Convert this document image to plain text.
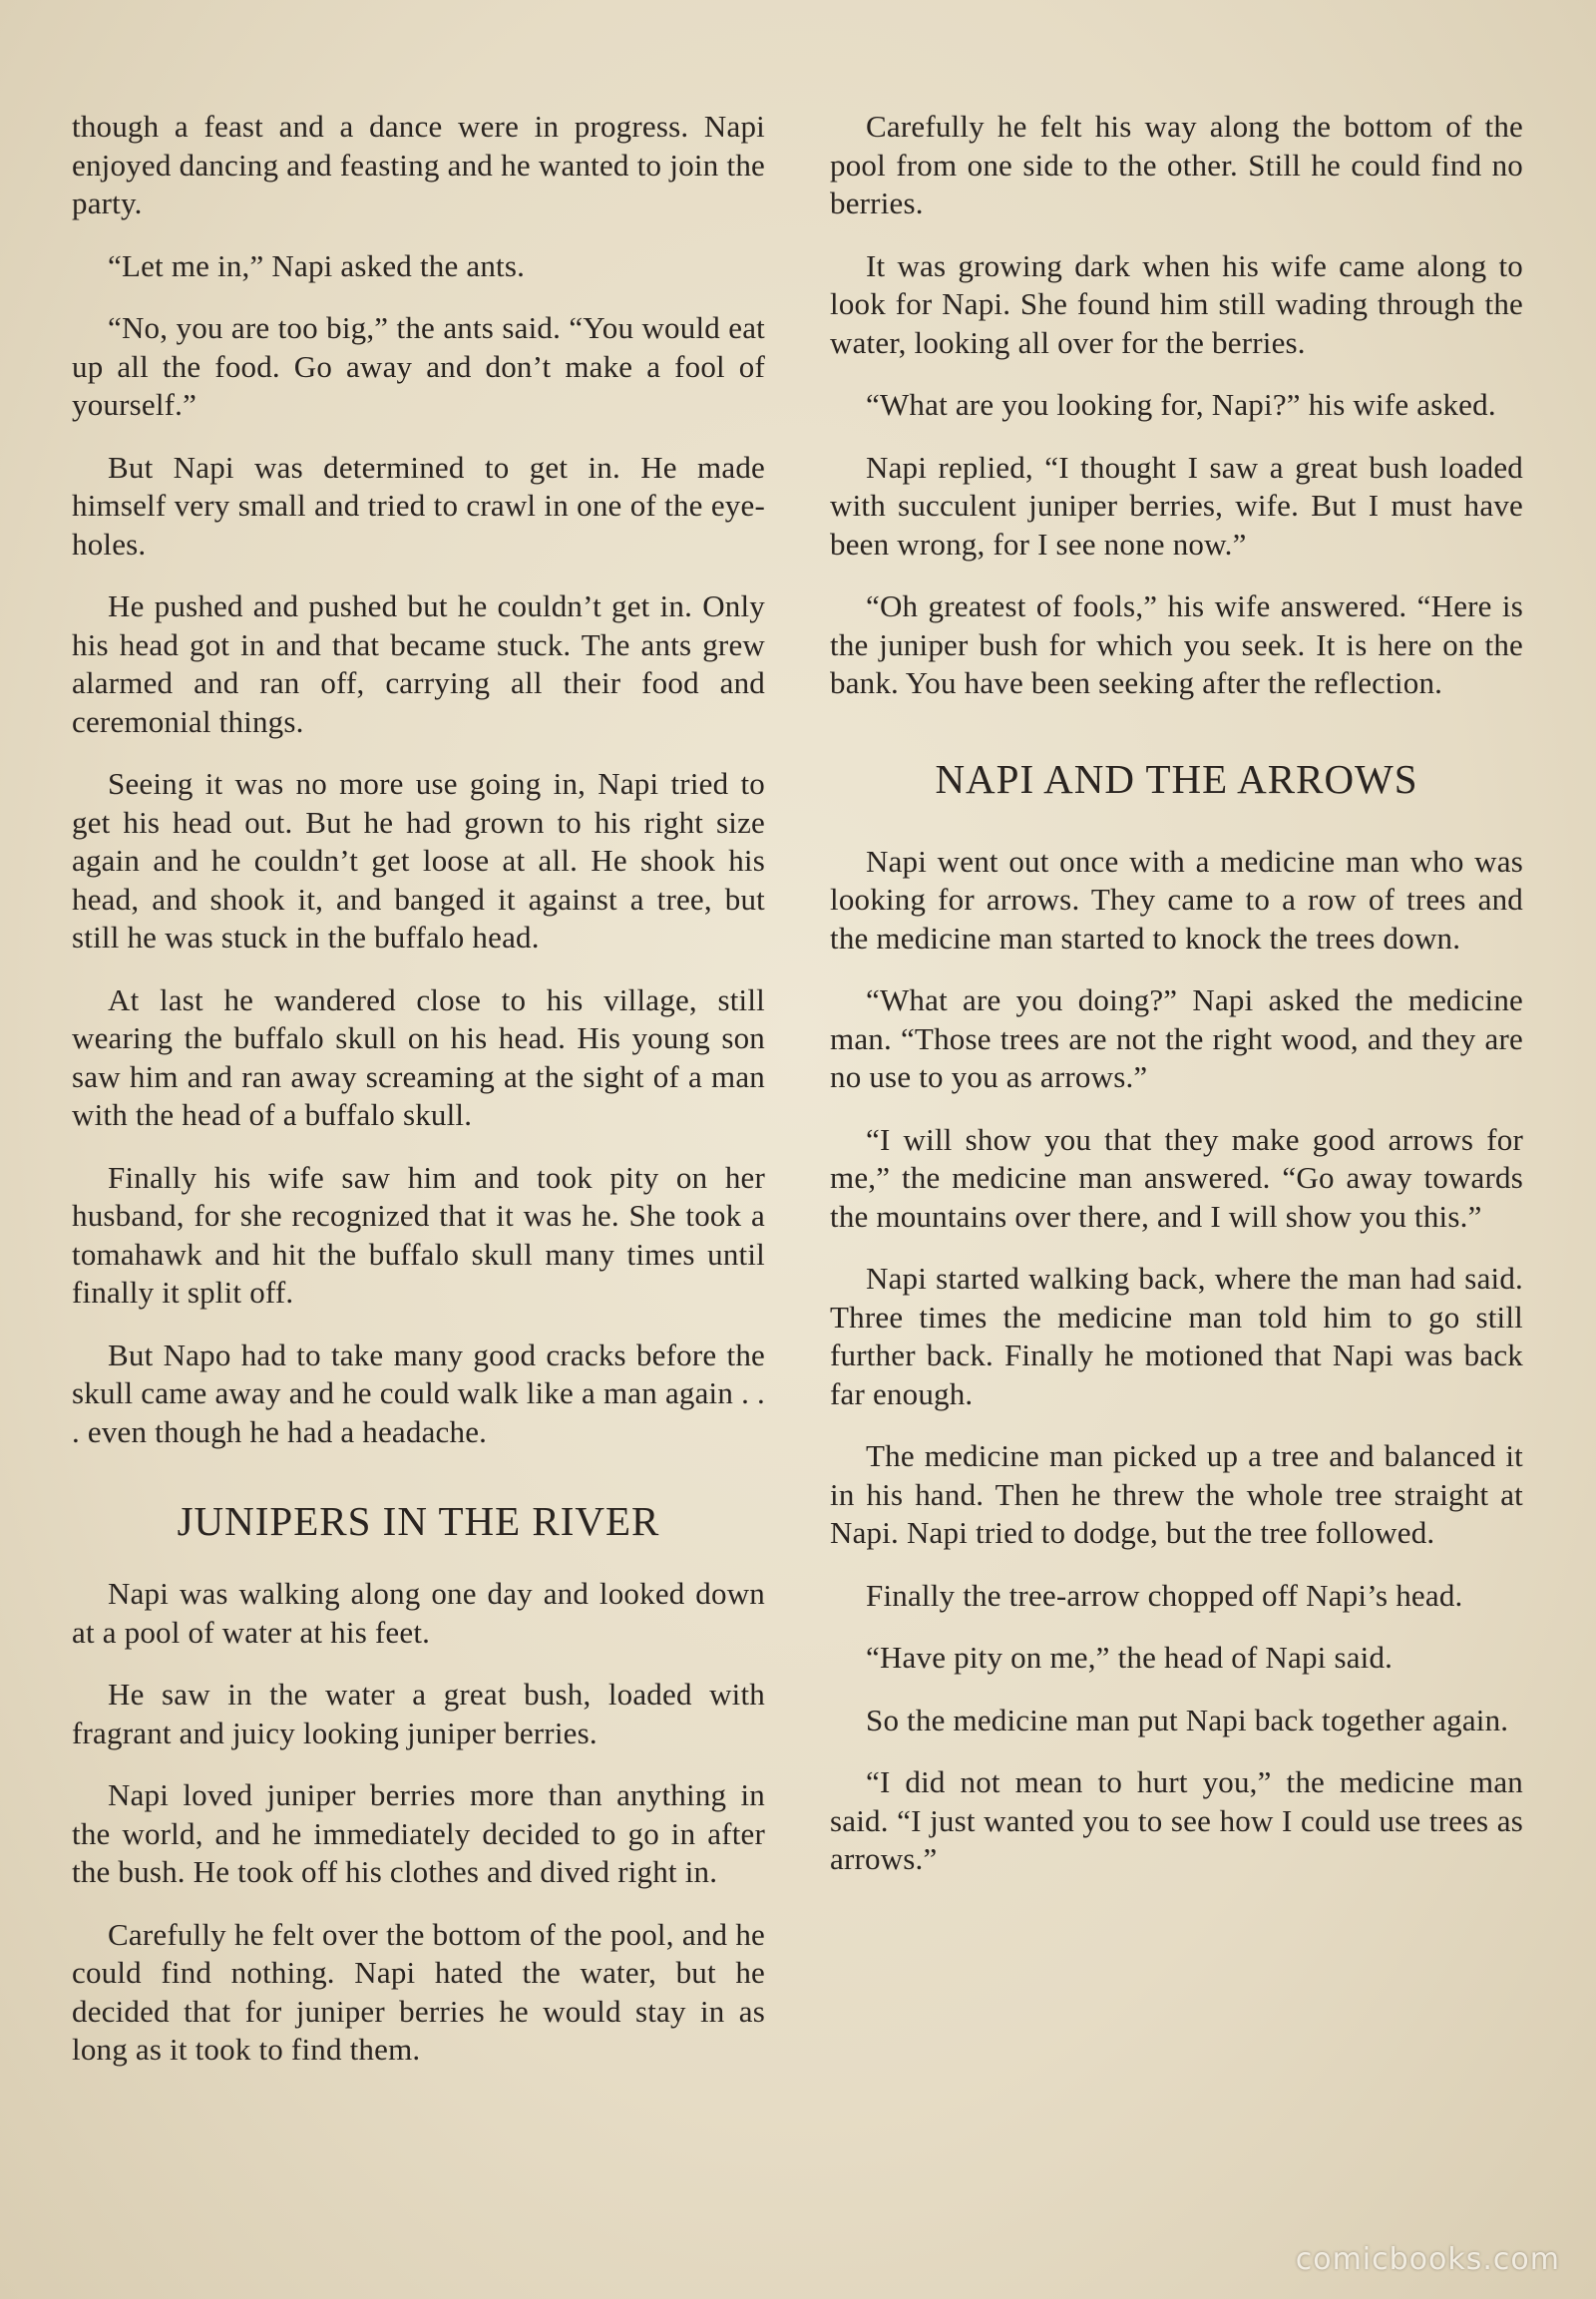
though a feast and a dance were in progress. Napi enjoyed dancing and feasting and he wanted to join the party.

“Let me in,” Napi asked the ants.

“No, you are too big,” the ants said. “You would eat up all the food. Go away and don’t make a fool of yourself.”

But Napi was determined to get in. He made himself very small and tried to crawl in one of the eye-holes.

He pushed and pushed but he couldn’t get in. Only his head got in and that became stuck. The ants grew alarmed and ran off, carrying all their food and ceremonial things.

Seeing it was no more use going in, Napi tried to get his head out. But he had grown to his right size again and he couldn’t get loose at all. He shook his head, and shook it, and banged it against a tree, but still he was stuck in the buffalo head.

At last he wandered close to his village, still wearing the buffalo skull on his head. His young son saw him and ran away screaming at the sight of a man with the head of a buffalo skull.

Finally his wife saw him and took pity on her husband, for she recognized that it was he. She took a tomahawk and hit the buffalo skull many times until finally it split off.

But Napo had to take many good cracks before the skull came away and he could walk like a man again . . . even though he had a headache.

JUNIPERS IN THE RIVER

Napi was walking along one day and looked down at a pool of water at his feet.

He saw in the water a great bush, loaded with fragrant and juicy looking juniper berries.

Napi loved juniper berries more than anything in the world, and he immediately decided to go in after the bush. He took off his clothes and dived right in.

Carefully he felt over the bottom of the pool, and he could find nothing. Napi hated the water, but he decided that for juniper berries he would stay in as long as it took to find them.

Carefully he felt his way along the bottom of the pool from one side to the other. Still he could find no berries.

It was growing dark when his wife came along to look for Napi. She found him still wading through the water, looking all over for the berries.

“What are you looking for, Napi?” his wife asked.

Napi replied, “I thought I saw a great bush loaded with succulent juniper berries, wife. But I must have been wrong, for I see none now.”

“Oh greatest of fools,” his wife answered. “Here is the juniper bush for which you seek. It is here on the bank. You have been seeking after the reflection.

NAPI AND THE ARROWS

Napi went out once with a medicine man who was looking for arrows. They came to a row of trees and the medicine man started to knock the trees down.

“What are you doing?” Napi asked the medicine man. “Those trees are not the right wood, and they are no use to you as arrows.”

“I will show you that they make good arrows for me,” the medicine man answered. “Go away towards the mountains over there, and I will show you this.”

Napi started walking back, where the man had said. Three times the medicine man told him to go still further back. Finally he motioned that Napi was back far enough.

The medicine man picked up a tree and balanced it in his hand. Then he threw the whole tree straight at Napi. Napi tried to dodge, but the tree followed.

Finally the tree-arrow chopped off Napi’s head.

“Have pity on me,” the head of Napi said.

So the medicine man put Napi back together again.

“I did not mean to hurt you,” the medicine man said. “I just wanted you to see how I could use trees as arrows.”

comicbooks.com
